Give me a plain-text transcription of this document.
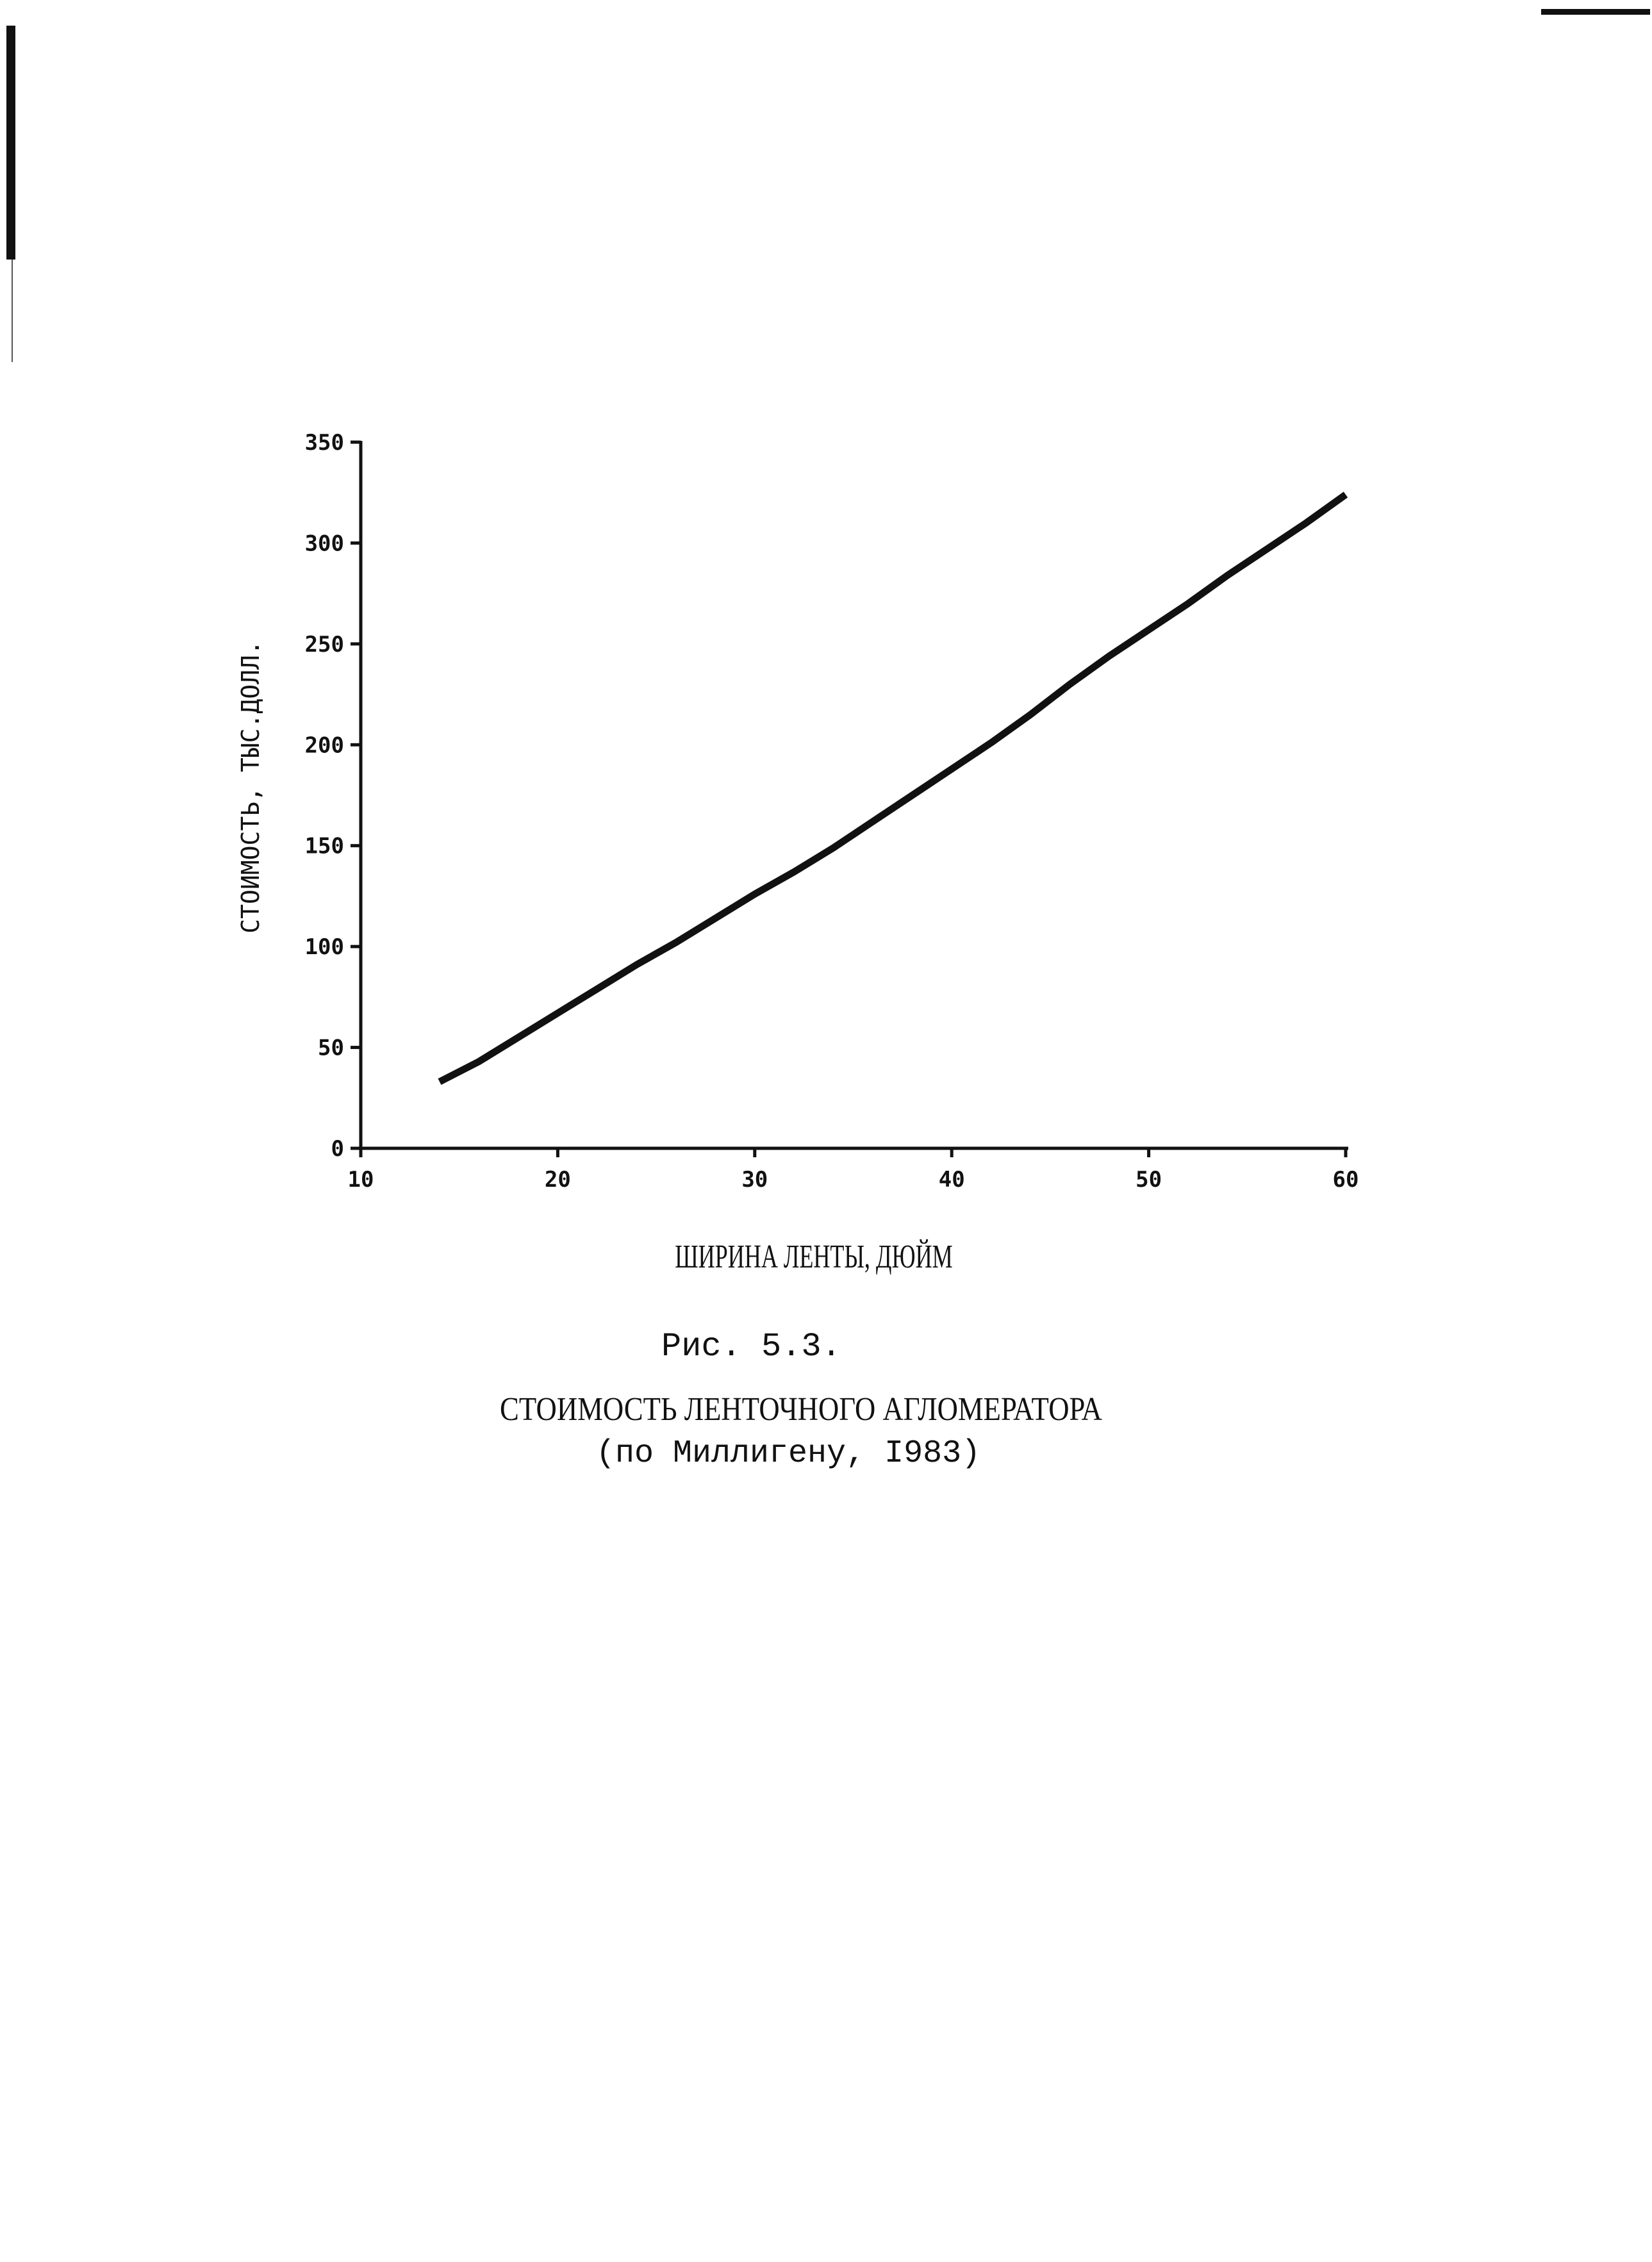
10	20	30	40	50	60
0
50
100
150
200
250
300
350
ШИРИНА ЛЕНТЫ, ДЮЙМ
СТОИМОСТЬ, ТЫС.ДОЛЛ.
Рис. 5.3.
СТОИМОСТЬ ЛЕНТОЧНОГО АГЛОМЕРАТОРА
(по Миллигену, I983)
